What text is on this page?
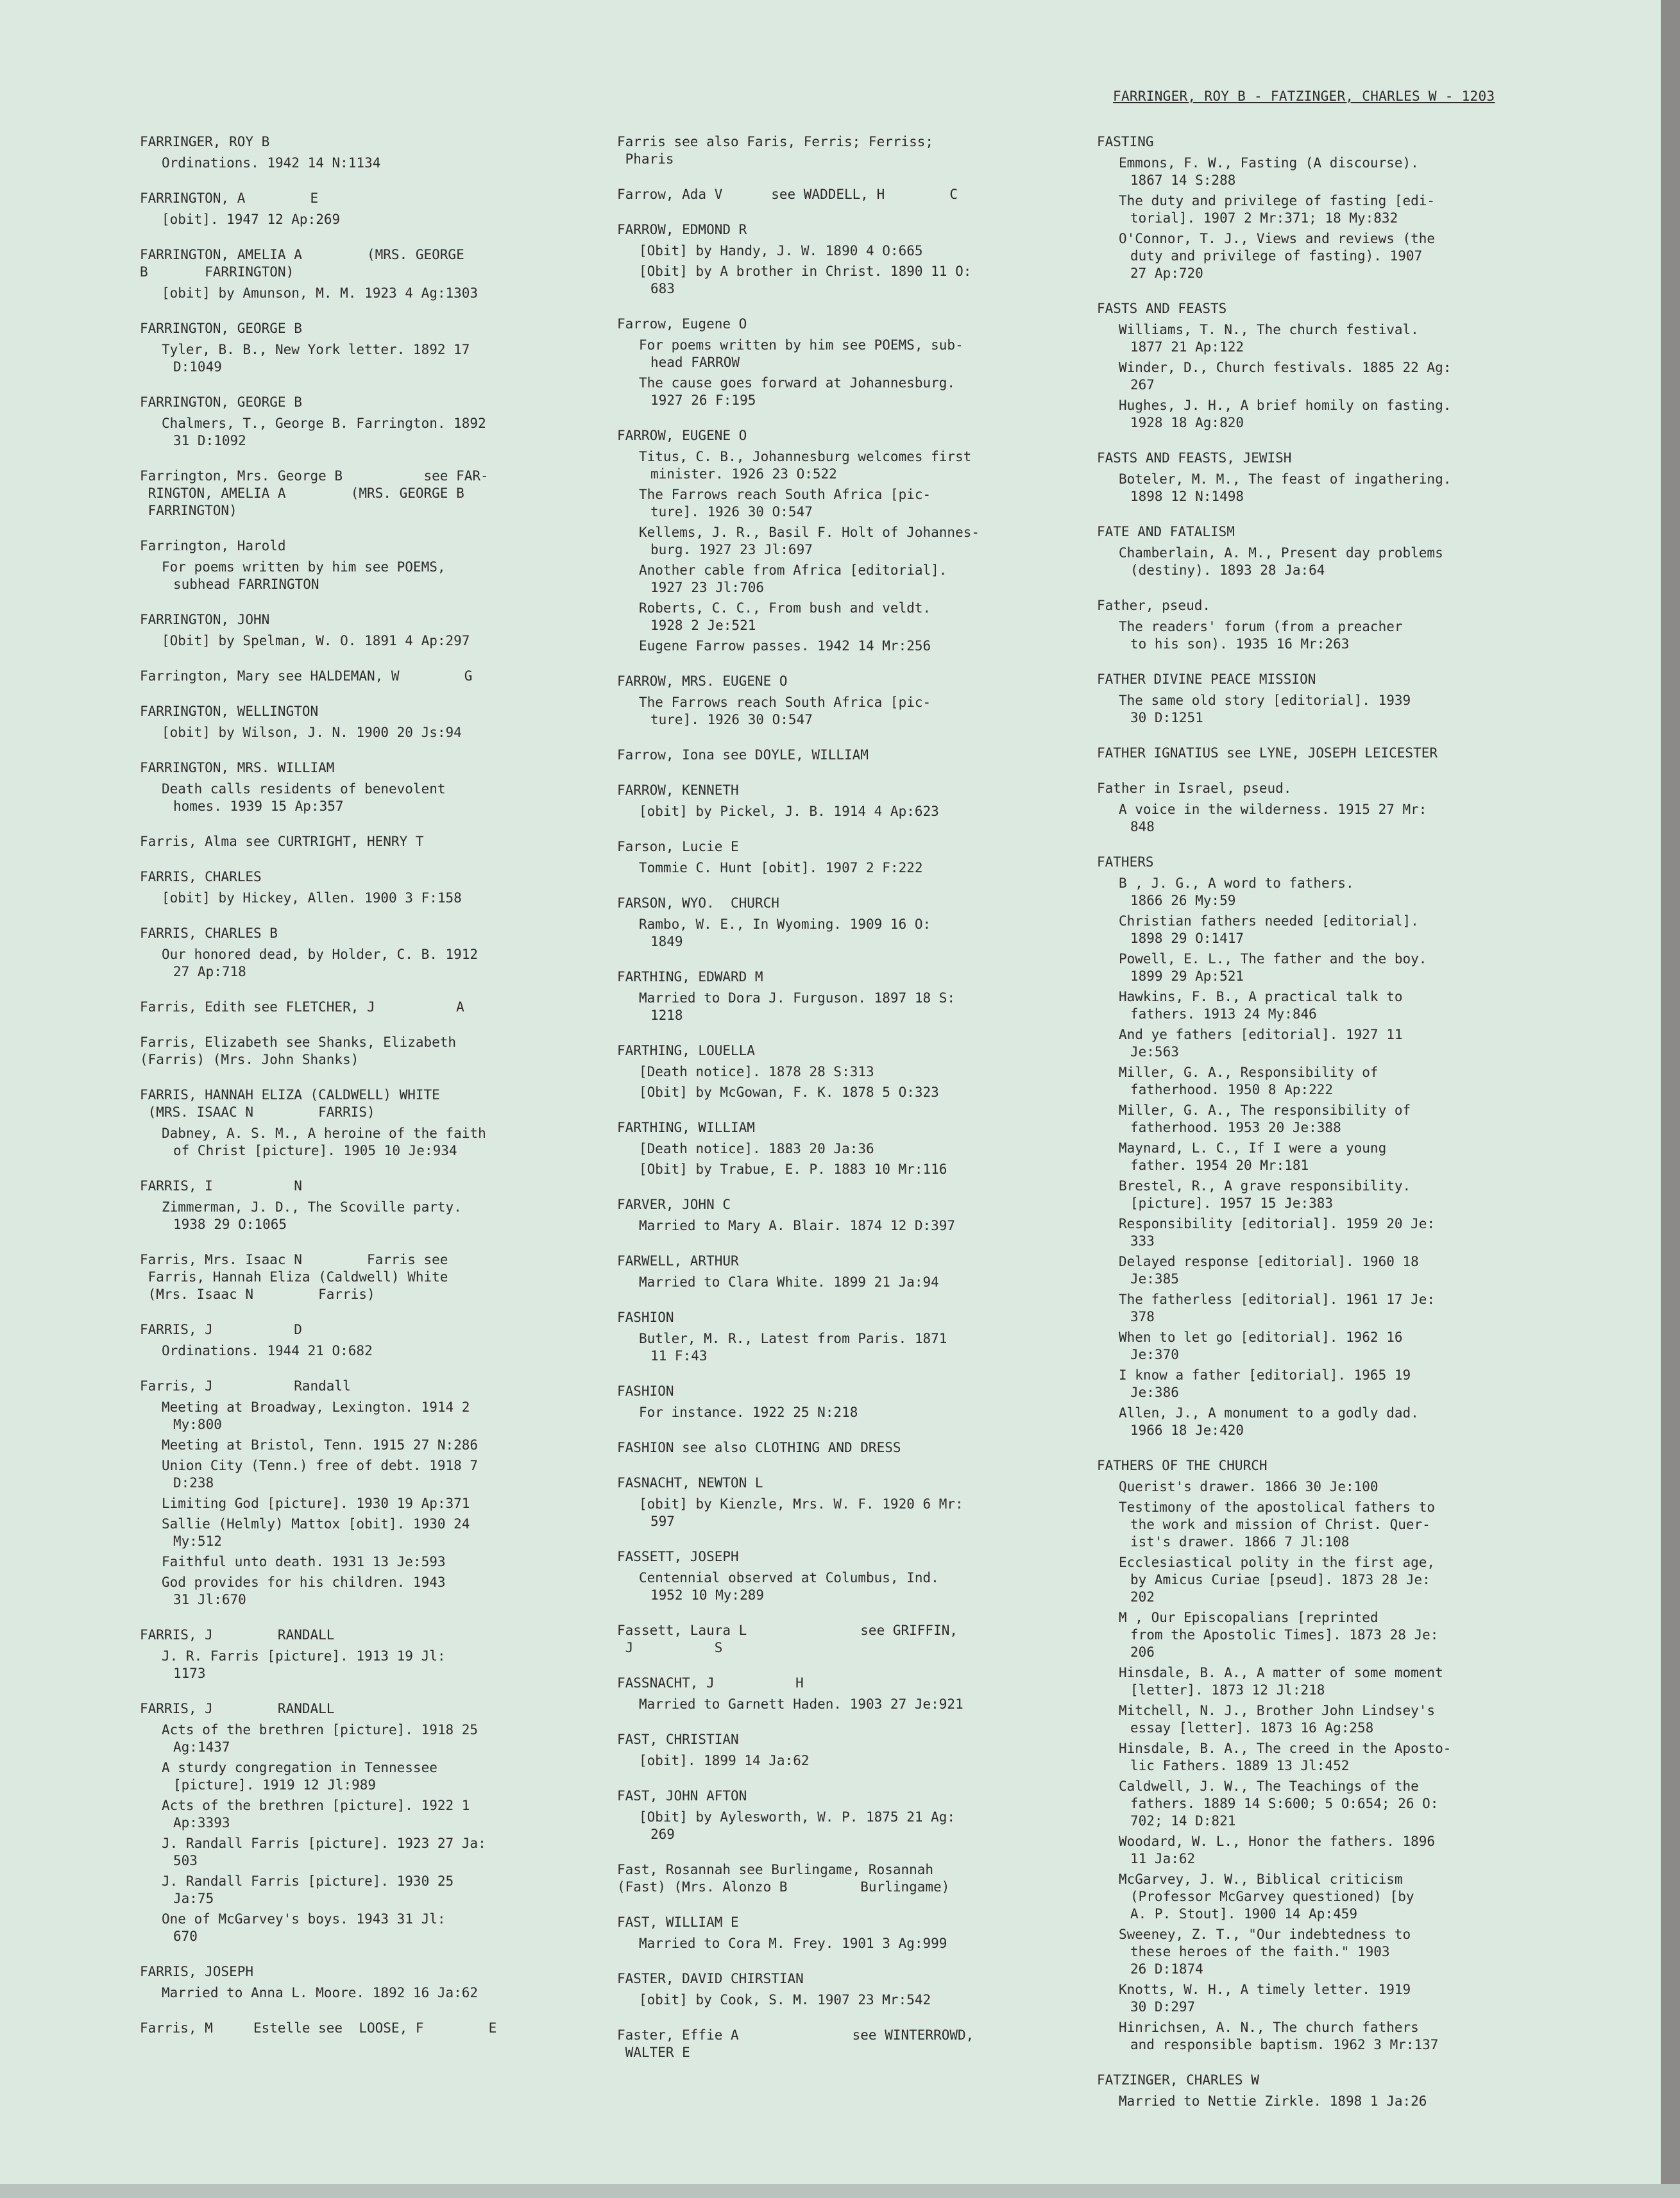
FARRINGER, ROY B - FATZINGER, CHARLES W - 1203
FARRINGER, ROY B
Ordinations. 1942 14 N:1134
FARRINGTON, A        E
[obit]. 1947 12 Ap:269
FARRINGTON, AMELIA A        (MRS. GEORGE
B       FARRINGTON)
[obit] by Amunson, M. M. 1923 4 Ag:1303
FARRINGTON, GEORGE B
Tyler, B. B., New York letter. 1892 17
D:1049
FARRINGTON, GEORGE B
Chalmers, T., George B. Farrington. 1892
31 D:1092
Farrington, Mrs. George B          see FAR-
RINGTON, AMELIA A        (MRS. GEORGE B
FARRINGTON)
Farrington, Harold
For poems written by him see POEMS,
subhead FARRINGTON
FARRINGTON, JOHN
[Obit] by Spelman, W. O. 1891 4 Ap:297
Farrington, Mary see HALDEMAN, W        G
FARRINGTON, WELLINGTON
[obit] by Wilson, J. N. 1900 20 Js:94
FARRINGTON, MRS. WILLIAM
Death calls residents of benevolent
homes. 1939 15 Ap:357
Farris, Alma see CURTRIGHT, HENRY T
FARRIS, CHARLES
[obit] by Hickey, Allen. 1900 3 F:158
FARRIS, CHARLES B
Our honored dead, by Holder, C. B. 1912
27 Ap:718
Farris, Edith see FLETCHER, J          A
Farris, Elizabeth see Shanks, Elizabeth
(Farris) (Mrs. John Shanks)
FARRIS, HANNAH ELIZA (CALDWELL) WHITE
(MRS. ISAAC N        FARRIS)
Dabney, A. S. M., A heroine of the faith
of Christ [picture]. 1905 10 Je:934
FARRIS, I          N
Zimmerman, J. D., The Scoville party.
1938 29 O:1065
Farris, Mrs. Isaac N        Farris see
Farris, Hannah Eliza (Caldwell) White
(Mrs. Isaac N        Farris)
FARRIS, J          D
Ordinations. 1944 21 O:682
Farris, J          Randall
Meeting at Broadway, Lexington. 1914 2
My:800
Meeting at Bristol, Tenn. 1915 27 N:286
Union City (Tenn.) free of debt. 1918 7
D:238
Limiting God [picture]. 1930 19 Ap:371
Sallie (Helmly) Mattox [obit]. 1930 24
My:512
Faithful unto death. 1931 13 Je:593
God provides for his children. 1943
31 Jl:670
FARRIS, J        RANDALL
J. R. Farris [picture]. 1913 19 Jl:
1173
FARRIS, J        RANDALL
Acts of the brethren [picture]. 1918 25
Ag:1437
A sturdy congregation in Tennessee
[picture]. 1919 12 Jl:989
Acts of the brethren [picture]. 1922 1
Ap:3393
J. Randall Farris [picture]. 1923 27 Ja:
503
J. Randall Farris [picture]. 1930 25
Ja:75
One of McGarvey's boys. 1943 31 Jl:
670
FARRIS, JOSEPH
Married to Anna L. Moore. 1892 16 Ja:62
Farris, M     Estelle see  LOOSE, F        E
Farris see also Faris, Ferris; Ferriss;
Pharis
Farrow, Ada V      see WADDELL, H        C
FARROW, EDMOND R
[Obit] by Handy, J. W. 1890 4 O:665
[Obit] by A brother in Christ. 1890 11 O:
683
Farrow, Eugene O
For poems written by him see POEMS, sub-
head FARROW
The cause goes forward at Johannesburg.
1927 26 F:195
FARROW, EUGENE O
Titus, C. B., Johannesburg welcomes first
minister. 1926 23 O:522
The Farrows reach South Africa [pic-
ture]. 1926 30 O:547
Kellems, J. R., Basil F. Holt of Johannes-
burg. 1927 23 Jl:697
Another cable from Africa [editorial].
1927 23 Jl:706
Roberts, C. C., From bush and veldt.
1928 2 Je:521
Eugene Farrow passes. 1942 14 Mr:256
FARROW, MRS. EUGENE O
The Farrows reach South Africa [pic-
ture]. 1926 30 O:547
Farrow, Iona see DOYLE, WILLIAM
FARROW, KENNETH
[obit] by Pickel, J. B. 1914 4 Ap:623
Farson, Lucie E
Tommie C. Hunt [obit]. 1907 2 F:222
FARSON, WYO.  CHURCH
Rambo, W. E., In Wyoming. 1909 16 O:
1849
FARTHING, EDWARD M
Married to Dora J. Furguson. 1897 18 S:
1218
FARTHING, LOUELLA
[Death notice]. 1878 28 S:313
[Obit] by McGowan, F. K. 1878 5 O:323
FARTHING, WILLIAM
[Death notice]. 1883 20 Ja:36
[Obit] by Trabue, E. P. 1883 10 Mr:116
FARVER, JOHN C
Married to Mary A. Blair. 1874 12 D:397
FARWELL, ARTHUR
Married to Clara White. 1899 21 Ja:94
FASHION
Butler, M. R., Latest from Paris. 1871
11 F:43
FASHION
For instance. 1922 25 N:218
FASHION see also CLOTHING AND DRESS
FASNACHT, NEWTON L
[obit] by Kienzle, Mrs. W. F. 1920 6 Mr:
597
FASSETT, JOSEPH
Centennial observed at Columbus, Ind.
1952 10 My:289
Fassett, Laura L              see GRIFFIN,
J          S
FASSNACHT, J          H
Married to Garnett Haden. 1903 27 Je:921
FAST, CHRISTIAN
[obit]. 1899 14 Ja:62
FAST, JOHN AFTON
[Obit] by Aylesworth, W. P. 1875 21 Ag:
269
Fast, Rosannah see Burlingame, Rosannah
(Fast) (Mrs. Alonzo B         Burlingame)
FAST, WILLIAM E
Married to Cora M. Frey. 1901 3 Ag:999
FASTER, DAVID CHIRSTIAN
[obit] by Cook, S. M. 1907 23 Mr:542
Faster, Effie A              see WINTERROWD,
WALTER E
FASTING
Emmons, F. W., Fasting (A discourse).
1867 14 S:288
The duty and privilege of fasting [edi-
torial]. 1907 2 Mr:371; 18 My:832
O'Connor, T. J., Views and reviews (the
duty and privilege of fasting). 1907
27 Ap:720
FASTS AND FEASTS
Williams, T. N., The church festival.
1877 21 Ap:122
Winder, D., Church festivals. 1885 22 Ag:
267
Hughes, J. H., A brief homily on fasting.
1928 18 Ag:820
FASTS AND FEASTS, JEWISH
Boteler, M. M., The feast of ingathering.
1898 12 N:1498
FATE AND FATALISM
Chamberlain, A. M., Present day problems
(destiny). 1893 28 Ja:64
Father, pseud.
The readers' forum (from a preacher
to his son). 1935 16 Mr:263
FATHER DIVINE PEACE MISSION
The same old story [editorial]. 1939
30 D:1251
FATHER IGNATIUS see LYNE, JOSEPH LEICESTER
Father in Israel, pseud.
A voice in the wilderness. 1915 27 Mr:
848
FATHERS
B , J. G., A word to fathers.
1866 26 My:59
Christian fathers needed [editorial].
1898 29 O:1417
Powell, E. L., The father and the boy.
1899 29 Ap:521
Hawkins, F. B., A practical talk to
fathers. 1913 24 My:846
And ye fathers [editorial]. 1927 11
Je:563
Miller, G. A., Responsibility of
fatherhood. 1950 8 Ap:222
Miller, G. A., The responsibility of
fatherhood. 1953 20 Je:388
Maynard, L. C., If I were a young
father. 1954 20 Mr:181
Brestel, R., A grave responsibility.
[picture]. 1957 15 Je:383
Responsibility [editorial]. 1959 20 Je:
333
Delayed response [editorial]. 1960 18
Je:385
The fatherless [editorial]. 1961 17 Je:
378
When to let go [editorial]. 1962 16
Je:370
I know a father [editorial]. 1965 19
Je:386
Allen, J., A monument to a godly dad.
1966 18 Je:420
FATHERS OF THE CHURCH
Querist's drawer. 1866 30 Je:100
Testimony of the apostolical fathers to
the work and mission of Christ. Quer-
ist's drawer. 1866 7 Jl:108
Ecclesiastical polity in the first age,
by Amicus Curiae [pseud]. 1873 28 Je:
202
M , Our Episcopalians [reprinted
from the Apostolic Times]. 1873 28 Je:
206
Hinsdale, B. A., A matter of some moment
[letter]. 1873 12 Jl:218
Mitchell, N. J., Brother John Lindsey's
essay [letter]. 1873 16 Ag:258
Hinsdale, B. A., The creed in the Aposto-
lic Fathers. 1889 13 Jl:452
Caldwell, J. W., The Teachings of the
fathers. 1889 14 S:600; 5 O:654; 26 O:
702; 14 D:821
Woodard, W. L., Honor the fathers. 1896
11 Ja:62
McGarvey, J. W., Biblical criticism
(Professor McGarvey questioned) [by
A. P. Stout]. 1900 14 Ap:459
Sweeney, Z. T., "Our indebtedness to
these heroes of the faith." 1903
26 D:1874
Knotts, W. H., A timely letter. 1919
30 D:297
Hinrichsen, A. N., The church fathers
and responsible baptism. 1962 3 Mr:137
FATZINGER, CHARLES W
Married to Nettie Zirkle. 1898 1 Ja:26
